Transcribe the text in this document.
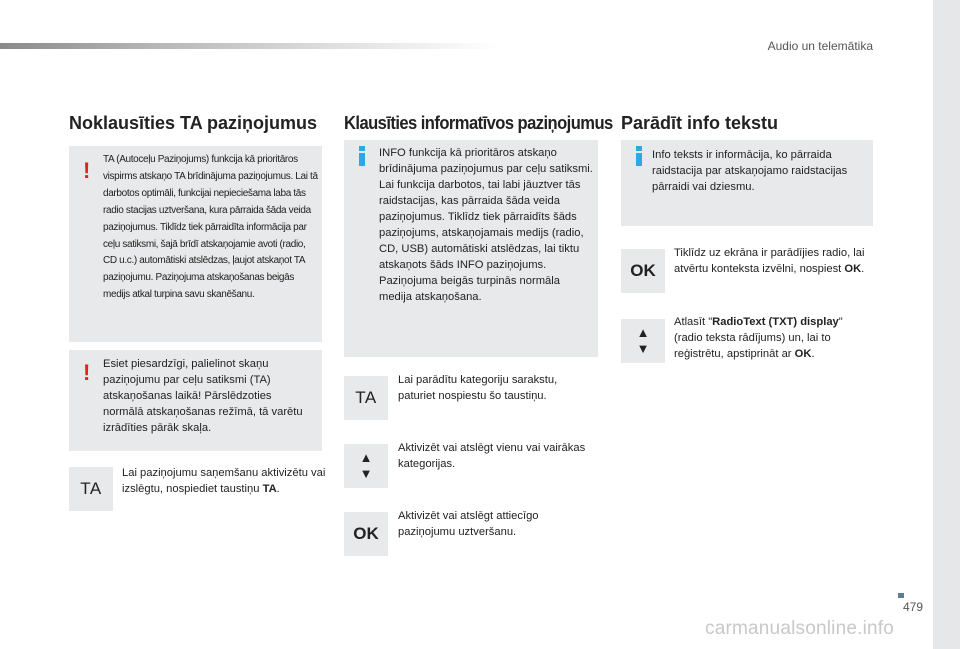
Audio un telemātika
Noklausīties TA paziņojumus
! TA (Autoceļu Paziņojums) funkcija kā prioritāros vispirms atskaņo TA brīdinājuma paziņojumus. Lai tā darbotos optimāli, funkcijai nepieciešama laba tās radio stacijas uztveršana, kura pārraida šāda veida paziņojumus. Tiklīdz tiek pārraidīta informācija par ceļu satiksmi, šajā brīdī atskaņojamie avoti (radio, CD u.c.) automātiski atslēdzas, ļaujot atskaņot TA paziņojumu. Paziņojuma atskaņošanas beigās medijs atkal turpina savu skanēšanu.
! Esiet piesardzīgi, palielinot skaņu paziņojumu par ceļu satiksmi (TA) atskaņošanas laikā! Pārslēdzoties normālā atskaņošanas režīmā, tā varētu izrādīties pārāk skaļa.
TA
Lai paziņojumu saņemšanu aktivizētu vai izslēgtu, nospiediet taustiņu TA.
Klausīties informatīvos paziņojumus
INFO funkcija kā prioritāros atskaņo brīdinājuma paziņojumus par ceļu satiksmi. Lai funkcija darbotos, tai labi jāuztver tās raidstacijas, kas pārraida šāda veida paziņojumus. Tiklīdz tiek pārraidīts šāds paziņojums, atskaņojamais medijs (radio, CD, USB) automātiski atslēdzas, lai tiktu atskaņots šāds INFO paziņojums. Paziņojuma beigās turpinās normāla medija atskaņošana.
TA
Lai parādītu kategoriju sarakstu, paturiet nospiestu šo taustiņu.
▲
▼
Aktivizēt vai atslēgt vienu vai vairākas kategorijas.
OK
Aktivizēt vai atslēgt attiecīgo paziņojumu uztveršanu.
Parādīt info tekstu
Info teksts ir informācija, ko pārraida raidstacija par atskaņojamo raidstacijas pārraidi vai dziesmu.
OK
Tiklīdz uz ekrāna ir parādījies radio, lai atvērtu konteksta izvēlni, nospiest OK.
▲
▼
Atlasīt "RadioText (TXT) display" (radio teksta rādījums) un, lai to reģistrētu, apstiprināt ar OK.
479
carmanualsonline.info
